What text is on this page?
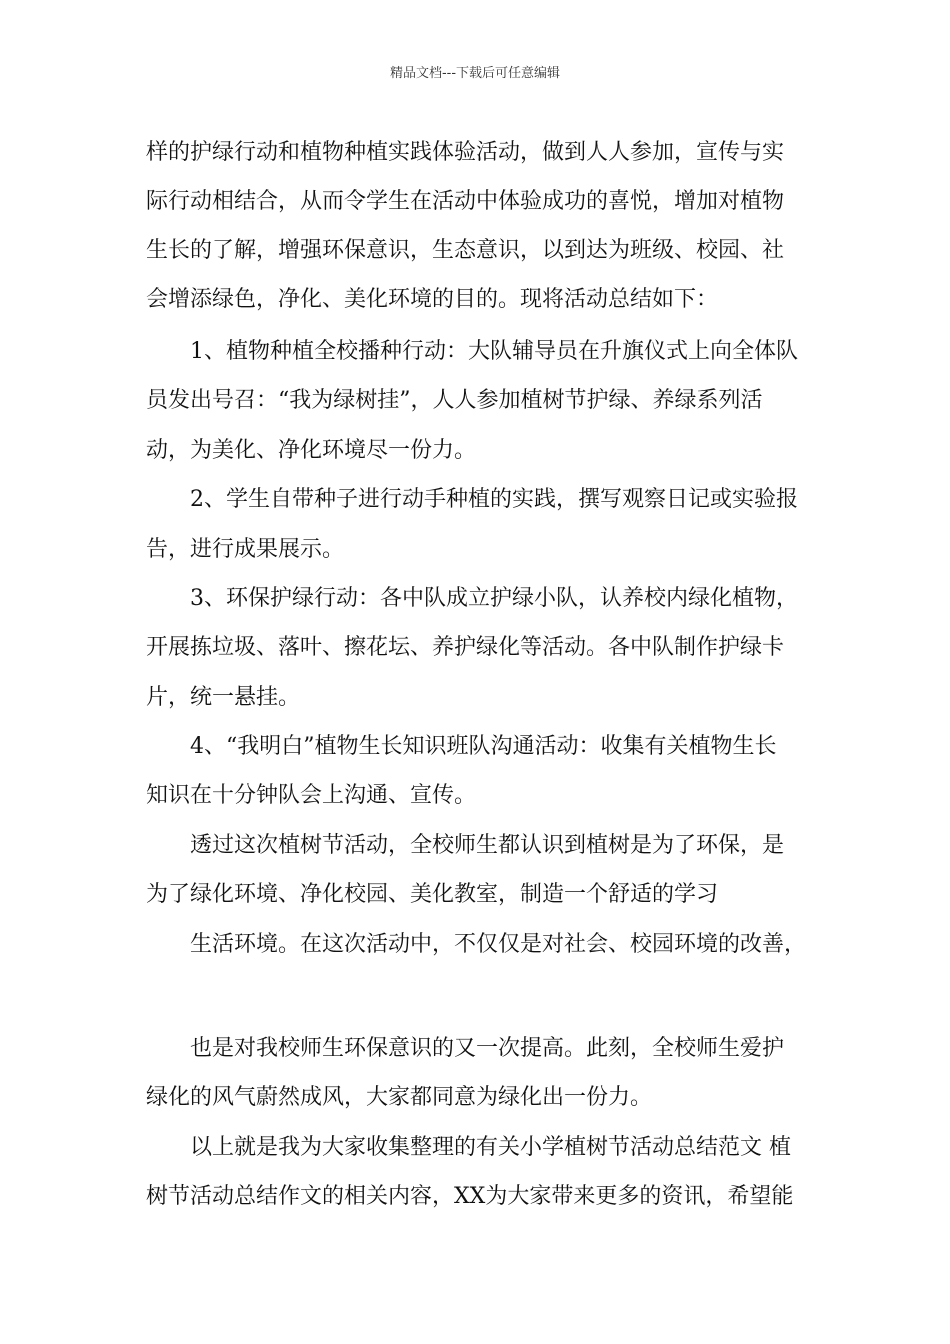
精品文档---下载后可任意编辑
样的护绿行动和植物种植实践体验活动，做到人人参加，宣传与实
际行动相结合，从而令学生在活动中体验成功的喜悦，增加对植物
生长的了解，增强环保意识，生态意识，以到达为班级、校园、社
会增添绿色，净化、美化环境的目的。现将活动总结如下：
1、植物种植全校播种行动：大队辅导员在升旗仪式上向全体队
员发出号召：“我为绿树挂”，人人参加植树节护绿、养绿系列活
动，为美化、净化环境尽一份力。
2、学生自带种子进行动手种植的实践，撰写观察日记或实验报
告，进行成果展示。
3、环保护绿行动：各中队成立护绿小队，认养校内绿化植物，
开展拣垃圾、落叶、擦花坛、养护绿化等活动。各中队制作护绿卡
片，统一悬挂。
4、“我明白”植物生长知识班队沟通活动：收集有关植物生长
知识在十分钟队会上沟通、宣传。
透过这次植树节活动，全校师生都认识到植树是为了环保，是
为了绿化环境、净化校园、美化教室，制造一个舒适的学习
生活环境。在这次活动中，不仅仅是对社会、校园环境的改善，
也是对我校师生环保意识的又一次提高。此刻，全校师生爱护
绿化的风气蔚然成风，大家都同意为绿化出一份力。
以上就是我为大家收集整理的有关小学植树节活动总结范文 植
树节活动总结作文的相关内容，XX为大家带来更多的资讯，希望能
